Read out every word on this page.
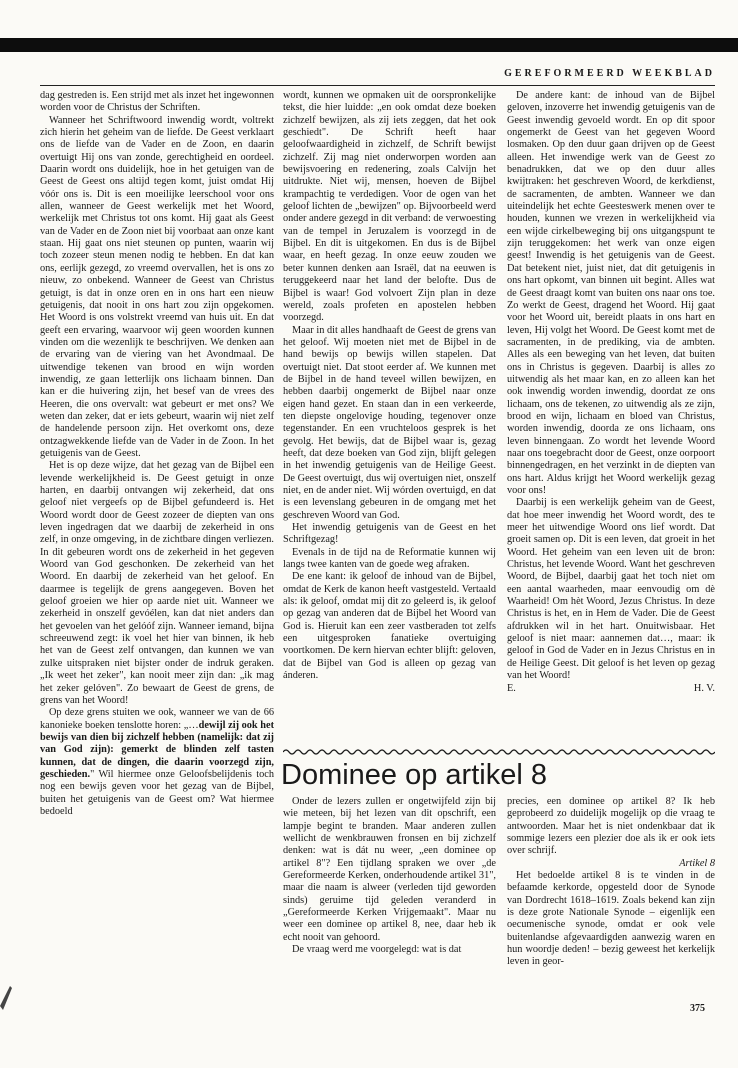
GEREFORMEERD WEEKBLAD

dag gestreden is. Een strijd met als inzet het ingewonnen worden voor de Christus der Schriften.

Wanneer het Schriftwoord inwendig wordt, voltrekt zich hierin het geheim van de liefde. De Geest verklaart ons de liefde van de Vader en de Zoon, en daarin overtuigt Hij ons van zonde, gerechtigheid en oordeel. Daarin wordt ons duidelijk, hoe in het getuigen van de Geest de Geest ons altijd tegen komt, juist omdat Hij vóór ons is. Dit is een moeilijke leerschool voor ons allen, wanneer de Geest werkelijk met het Woord, werkelijk met Christus tot ons komt. Hij gaat als Geest van de Vader en de Zoon niet bij voorbaat aan onze kant staan. Hij gaat ons niet steunen op punten, waarin wij toch zozeer steun menen nodig te hebben. En dat kan ons, eerlijk gezegd, zo vreemd overvallen, het is ons zo nieuw, zo onbekend. Wanneer de Geest van Christus getuigt, is dat in onze oren en in ons hart een nieuw getuigenis, dat nooit in ons hart zou zijn opgekomen. Het Woord is ons volstrekt vreemd van huis uit. En dat geeft een ervaring, waarvoor wij geen woorden kunnen vinden om die wezenlijk te beschrijven. We denken aan de ervaring van de viering van het Avondmaal. De uitwendige tekenen van brood en wijn worden inwendig, ze gaan letterlijk ons lichaam binnen. Dan kan er die huivering zijn, het besef van de vrees des Heeren, die ons overvalt: wat gebeurt er met ons? We weten dan zeker, dat er iets gebeurt, waarin wij niet zelf de handelende persoon zijn. Het overkomt ons, deze ontzagwekkende liefde van de Vader in de Zoon. In het getuigenis van de Geest.

Het is op deze wijze, dat het gezag van de Bijbel een levende werkelijkheid is. De Geest getuigt in onze harten, en daarbij ontvangen wij zekerheid, dat ons geloof niet vergeefs op de Bijbel gefundeerd is. Het Woord wordt door de Geest zozeer de diepten van ons leven ingedragen dat we daarbij de zekerheid in ons zelf, in onze omgeving, in de zichtbare dingen verliezen. In dit gebeuren wordt ons de zekerheid in het gegeven Woord van God geschonken. De zekerheid van het Woord. En daarbij de zekerheid van het geloof. En daarmee is tegelijk de grens aangegeven. Boven het geloof groeien we hier op aarde niet uit. Wanneer we zekerheid in onszelf gevóélen, kan dat niet anders dan het gevoelen van het gelóóf zijn. Wanneer iemand, bijna schreeuwend zegt: ik voel het hier van binnen, ik heb het van de Geest zelf ontvangen, dan kunnen we van zulke uitspraken niet bijster onder de indruk geraken. „Ik weet het zeker", kan nooit meer zijn dan: „ik mag het zeker gelóven". Zo bewaart de Geest de grens, de grens van het Woord!

Op deze grens stuiten we ook, wanneer we van de 66 kanonieke boeken tenslotte horen: „…dewijl zij ook het bewijs van dien bij zichzelf hebben (namelijk: dat zij van God zijn): gemerkt de blinden zelf tasten kunnen, dat de dingen, die daarin voorzegd zijn, geschieden." Wil hiermee onze Geloofsbelijdenis toch nog een bewijs geven voor het gezag van de Bijbel, buiten het getuigenis van de Geest om? Wat hiermee bedoeld

wordt, kunnen we opmaken uit de oorspronkelijke tekst, die hier luidde: „en ook omdat deze boeken zichzelf bewijzen, als zij iets zeggen, dat het ook geschiedt". De Schrift heeft haar geloofwaardigheid in zichzelf, de Schrift bewijst zichzelf. Zij mag niet onderworpen worden aan bewijsvoering en redenering, zoals Calvijn het uitdrukte. Niet wij, mensen, hoeven de Bijbel krampachtig te verdedigen. Voor de ogen van het geloof lichten de „bewijzen" op. Bijvoorbeeld werd onder andere gezegd in dit verband: de verwoesting van de tempel in Jeruzalem is voorzegd in de Bijbel. En dit is uitgekomen. En dus is de Bijbel waar, en heeft gezag. In onze eeuw zouden we beter kunnen denken aan Israël, dat na eeuwen is teruggekeerd naar het land der belofte. Dus de Bijbel is waar! God volvoert Zijn plan in deze wereld, zoals profeten en apostelen hebben voorzegd.

Maar in dit alles handhaaft de Geest de grens van het geloof. Wij moeten niet met de Bijbel in de hand bewijs op bewijs willen stapelen. Dat overtuigt niet. Dat stoot eerder af. We kunnen met de Bijbel in de hand teveel willen bewijzen, en hebben daarbij ongemerkt de Bijbel naar onze eigen hand gezet. En staan dan in een verkeerde, ten diepste ongelovige houding, tegenover onze tegenstander. En een vruchteloos gesprek is het gevolg. Het bewijs, dat de Bijbel waar is, gezag heeft, dat deze boeken van God zijn, blijft gelegen in het inwendig getuigenis van de Heilige Geest. De Geest overtuigt, dus wij overtuigen niet, onszelf niet, en de ander niet. Wij wórden overtuigd, en dat is een levenslang gebeuren in de omgang met het geschreven Woord van God.

Het inwendig getuigenis van de Geest en het Schriftgezag!

Evenals in de tijd na de Reformatie kunnen wij langs twee kanten van de goede weg afraken.

De ene kant: ik geloof de inhoud van de Bijbel, omdat de Kerk de kanon heeft vastgesteld. Vertaald als: ik geloof, omdat mij dit zo geleerd is, ik geloof op gezag van anderen dat de Bijbel het Woord van God is. Hieruit kan een zeer vastberaden tot zelfs een uitgesproken fanatieke overtuiging voortkomen. De kern hiervan echter blijft: geloven, dat de Bijbel van God is alleen op gezag van ánderen.

De andere kant: de inhoud van de Bijbel geloven, inzoverre het inwendig getuigenis van de Geest inwendig gevoeld wordt. En op dit spoor ongemerkt de Geest van het gegeven Woord losmaken. Op den duur gaan drijven op de Geest alleen. Het inwendige werk van de Geest zo benadrukken, dat we op den duur alles kwijtraken: het geschreven Woord, de kerkdienst, de sacramenten, de ambten. Wanneer we dan uiteindelijk het echte Geesteswerk menen over te houden, kunnen we vrezen in werkelijkheid via een wijde cirkelbeweging bij ons uitgangspunt te zijn teruggekomen: het werk van onze eigen geest! Inwendig is het getuigenis van de Geest. Dat betekent niet, juist niet, dat dit getuigenis in ons hart opkomt, van binnen uit begint. Alles wat de Geest draagt komt van buiten ons naar ons toe. Zo werkt de Geest, dragend het Woord. Hij gaat voor het Woord uit, bereidt plaats in ons hart en leven, Hij volgt het Woord. De Geest komt met de sacramenten, in de prediking, via de ambten. Alles als een beweging van het leven, dat buiten ons in Christus is gegeven. Daarbij is alles zo uitwendig als het maar kan, en zo alleen kan het ook inwendig worden inwendig, doordat ze ons lichaam, ons de tekenen, zo uitwendig als ze zijn, brood en wijn, lichaam en bloed van Christus, worden inwendig, doorda ze ons lichaam, ons leven binnengaan. Zo wordt het levende Woord naar ons toegebracht door de Geest, onze oorpoort binnengedragen, en het verzinkt in de diepten van ons hart. Aldus krijgt het Woord werkelijk gezag voor ons!

Daarbij is een werkelijk geheim van de Geest, dat hoe meer inwendig het Woord wordt, des te meer het uitwendige Woord ons lief wordt. Dat groeit samen op. Dit is een leven, dat groeit in het Woord. Het geheim van een leven uit de bron: Christus, het levende Woord. Want het geschreven Woord, de Bijbel, daarbij gaat het toch niet om een aantal waarheden, maar eenvoudig om dè Waarheid! Om hèt Woord, Jezus Christus. In deze Christus is het, en in Hem de Vader. Die de Geest afdrukken wil in het hart. Onuitwisbaar. Het geloof is niet maar: aannemen dat…, maar: ik geloof in God de Vader en in Jezus Christus en in de Heilige Geest. Dit geloof is het leven op gezag van het Woord!

E.	H. V.
Dominee op artikel 8

Onder de lezers zullen er ongetwijfeld zijn bij wie meteen, bij het lezen van dit opschrift, een lampje begint te branden. Maar anderen zullen wellicht de wenkbrauwen fronsen en bij zichzelf denken: wat is dát nu weer, „een dominee op artikel 8"? Een tijdlang spraken we over „de Gereformeerde Kerken, onderhoudende artikel 31", maar die naam is alweer (verleden tijd geworden sinds) geruime tijd geleden veranderd in „Gereformeerde Kerken Vrijgemaakt". Maar nu weer een dominee op artikel 8, nee, daar heb ik echt nooit van gehoord.

De vraag werd me voorgelegd: wat is dat

precies, een dominee op artikel 8? Ik heb geprobeerd zo duidelijk mogelijk op die vraag te antwoorden. Maar het is niet ondenkbaar dat ik sommige lezers een plezier doe als ik er ook iets over schrijf.

Artikel 8

Het bedoelde artikel 8 is te vinden in de befaamde kerkorde, opgesteld door de Synode van Dordrecht 1618–1619. Zoals bekend kan zijn is deze grote Nationale Synode – eigenlijk een oecumenische synode, omdat er ook vele buitenlandse afgevaardigden aanwezig waren en hun woordje deden! – bezig geweest het kerkelijk leven in geor-

375
